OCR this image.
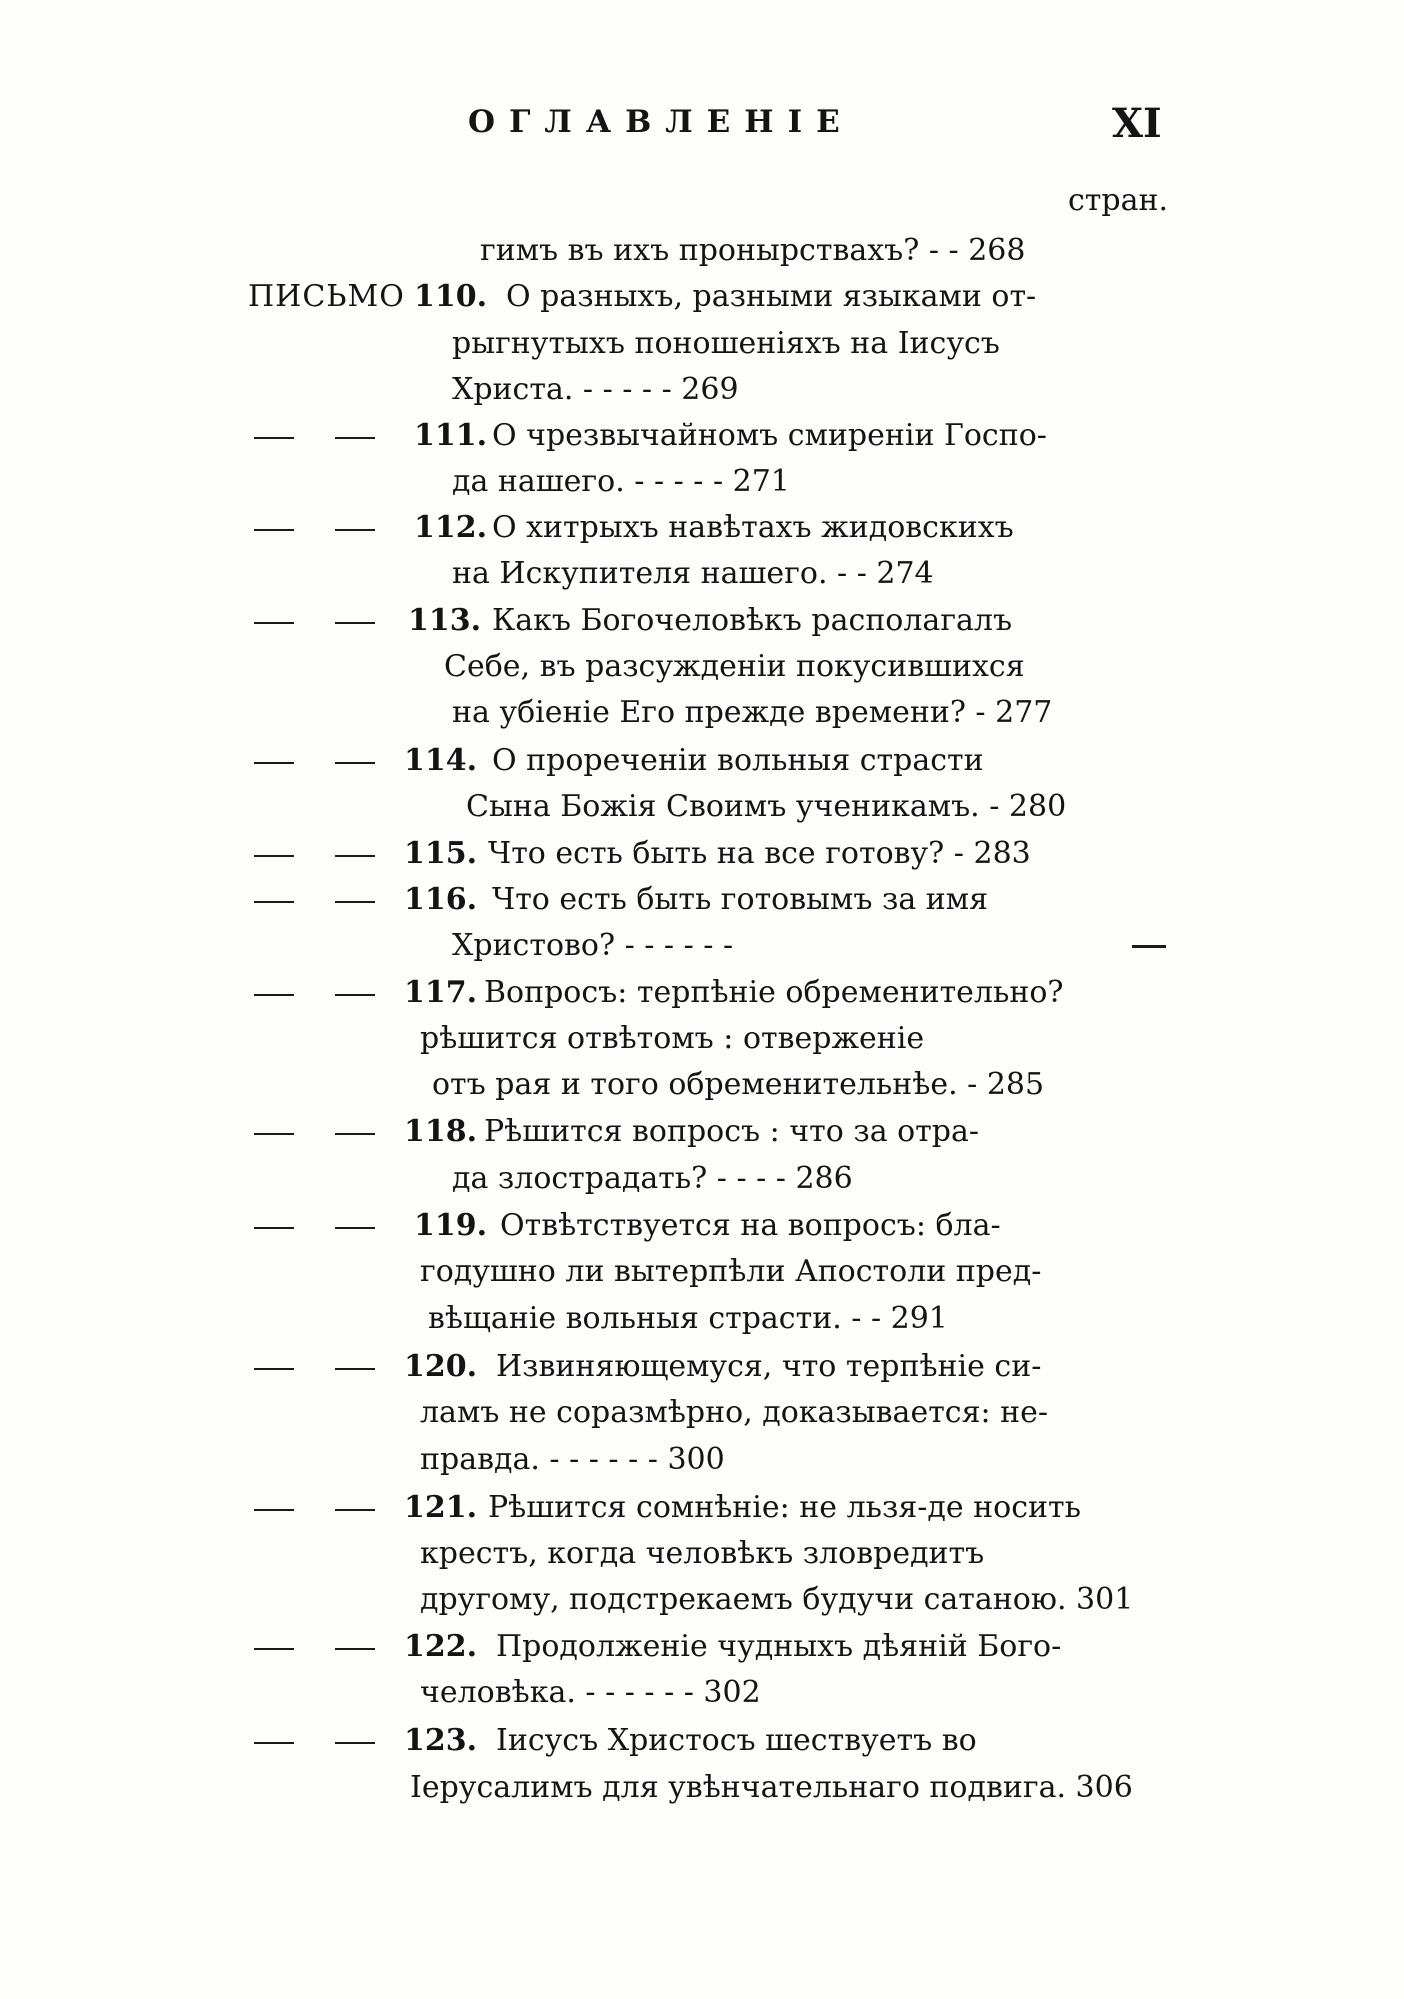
ОГЛАВЛЕНІЕ	XI
стран.
гимъ въ ихъ пронырствахъ? - - 268
ПИСЬМО 110. О разныхъ, разными языками от-
рыгнутыхъ поношеніяхъ на Іисусъ
Христа. - - - - - 269
111. О чрезвычайномъ смиреніи Госпо-
да нашего. - - - - - 271
112. О хитрыхъ навѣтахъ жидовскихъ
на Искупителя нашего. - - 274
113. Какъ Богочеловѣкъ располагалъ
Себе, въ разсужденіи покусившихся
на убіеніе Его прежде времени? - 277
114. О прореченіи вольныя страсти
Сына Божія Своимъ ученикамъ. - 280
115. Что есть быть на все готову? - 283
116. Что есть быть готовымъ за имя
Христово? - - - - - -
117. Вопросъ: терпѣніе обременительно?
рѣшится отвѣтомъ : отверженіе
отъ рая и того обременительнѣе. - 285
118. Рѣшится вопросъ : что за отра-
да злострадать? - - - - 286
119. Отвѣтствуется на вопросъ: бла-
годушно ли вытерпѣли Апостоли пред-
вѣщаніе вольныя страсти. - - 291
120. Извиняющемуся, что терпѣніе си-
ламъ не соразмѣрно, доказывается: не-
правда. - - - - - - 300
121. Рѣшится сомнѣніе: не льзя-де носить
крестъ, когда человѣкъ зловредитъ
другому, подстрекаемъ будучи сатаною. 301
122. Продолженіе чудныхъ дѣяній Бого-
человѣка. - - - - - - 302
123. Іисусъ Христосъ шествуетъ во
Іерусалимъ для увѣнчательнаго подвига. 306
